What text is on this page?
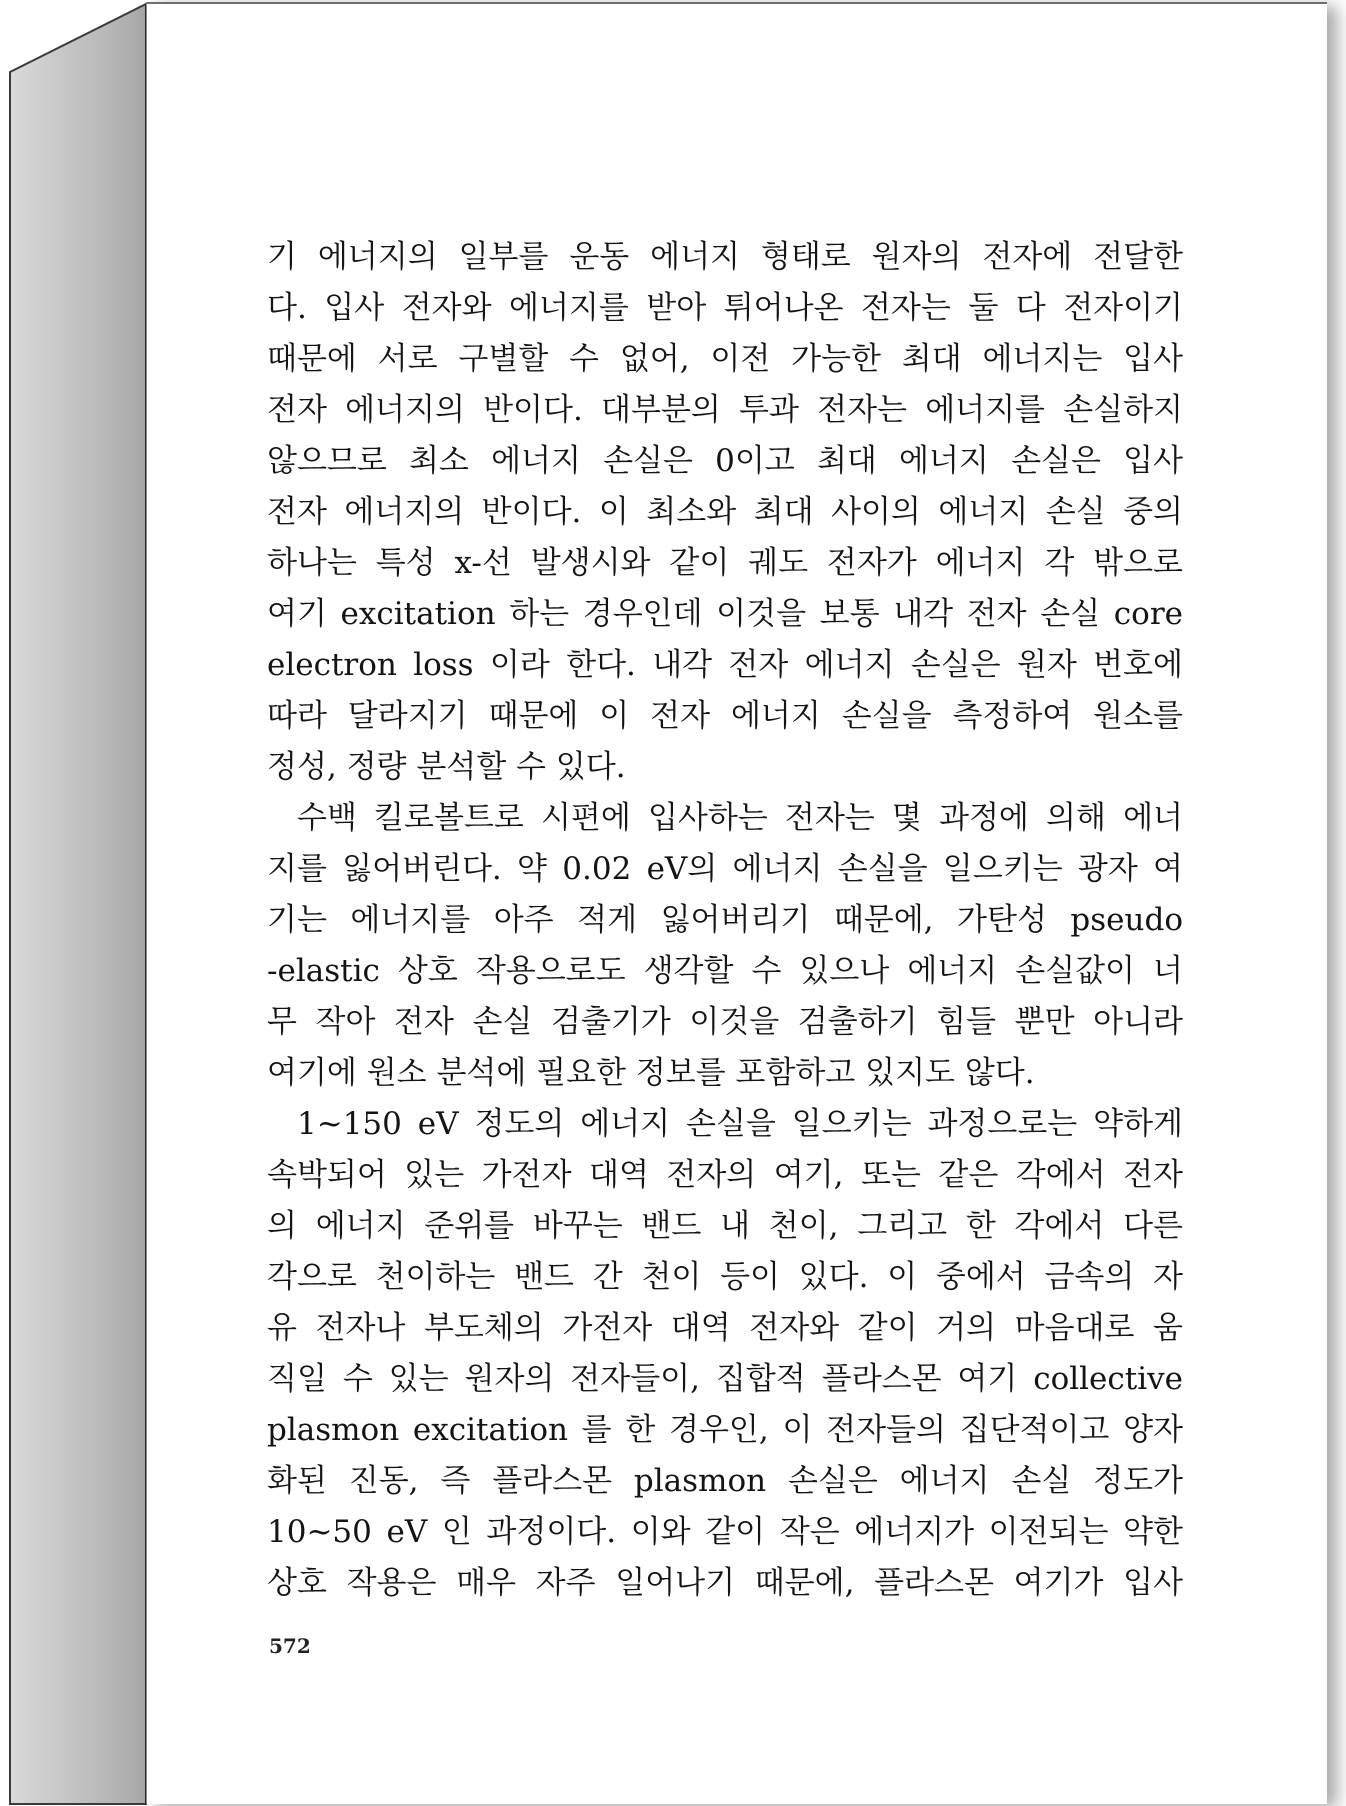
기 에너지의 일부를 운동 에너지 형태로 원자의 전자에 전달한
다. 입사 전자와 에너지를 받아 튀어나온 전자는 둘 다 전자이기
때문에 서로 구별할 수 없어, 이전 가능한 최대 에너지는 입사
전자 에너지의 반이다. 대부분의 투과 전자는 에너지를 손실하지
않으므로 최소 에너지 손실은 0이고 최대 에너지 손실은 입사
전자 에너지의 반이다. 이 최소와 최대 사이의 에너지 손실 중의
하나는 특성 x-선 발생시와 같이 궤도 전자가 에너지 각 밖으로
여기 excitation 하는 경우인데 이것을 보통 내각 전자 손실 core
electron loss 이라 한다. 내각 전자 에너지 손실은 원자 번호에
따라 달라지기 때문에 이 전자 에너지 손실을 측정하여 원소를
정성, 정량 분석할 수 있다.
수백 킬로볼트로 시편에 입사하는 전자는 몇 과정에 의해 에너
지를 잃어버린다. 약 0.02 eV의 에너지 손실을 일으키는 광자 여
기는 에너지를 아주 적게 잃어버리기 때문에, 가탄성 pseudo
-elastic 상호 작용으로도 생각할 수 있으나 에너지 손실값이 너
무 작아 전자 손실 검출기가 이것을 검출하기 힘들 뿐만 아니라
여기에 원소 분석에 필요한 정보를 포함하고 있지도 않다.
1~150 eV 정도의 에너지 손실을 일으키는 과정으로는 약하게
속박되어 있는 가전자 대역 전자의 여기, 또는 같은 각에서 전자
의 에너지 준위를 바꾸는 밴드 내 천이, 그리고 한 각에서 다른
각으로 천이하는 밴드 간 천이 등이 있다. 이 중에서 금속의 자
유 전자나 부도체의 가전자 대역 전자와 같이 거의 마음대로 움
직일 수 있는 원자의 전자들이, 집합적 플라스몬 여기 collective
plasmon excitation 를 한 경우인, 이 전자들의 집단적이고 양자
화된 진동, 즉 플라스몬 plasmon 손실은 에너지 손실 정도가
10~50 eV 인 과정이다. 이와 같이 작은 에너지가 이전되는 약한
상호 작용은 매우 자주 일어나기 때문에, 플라스몬 여기가 입사
572
